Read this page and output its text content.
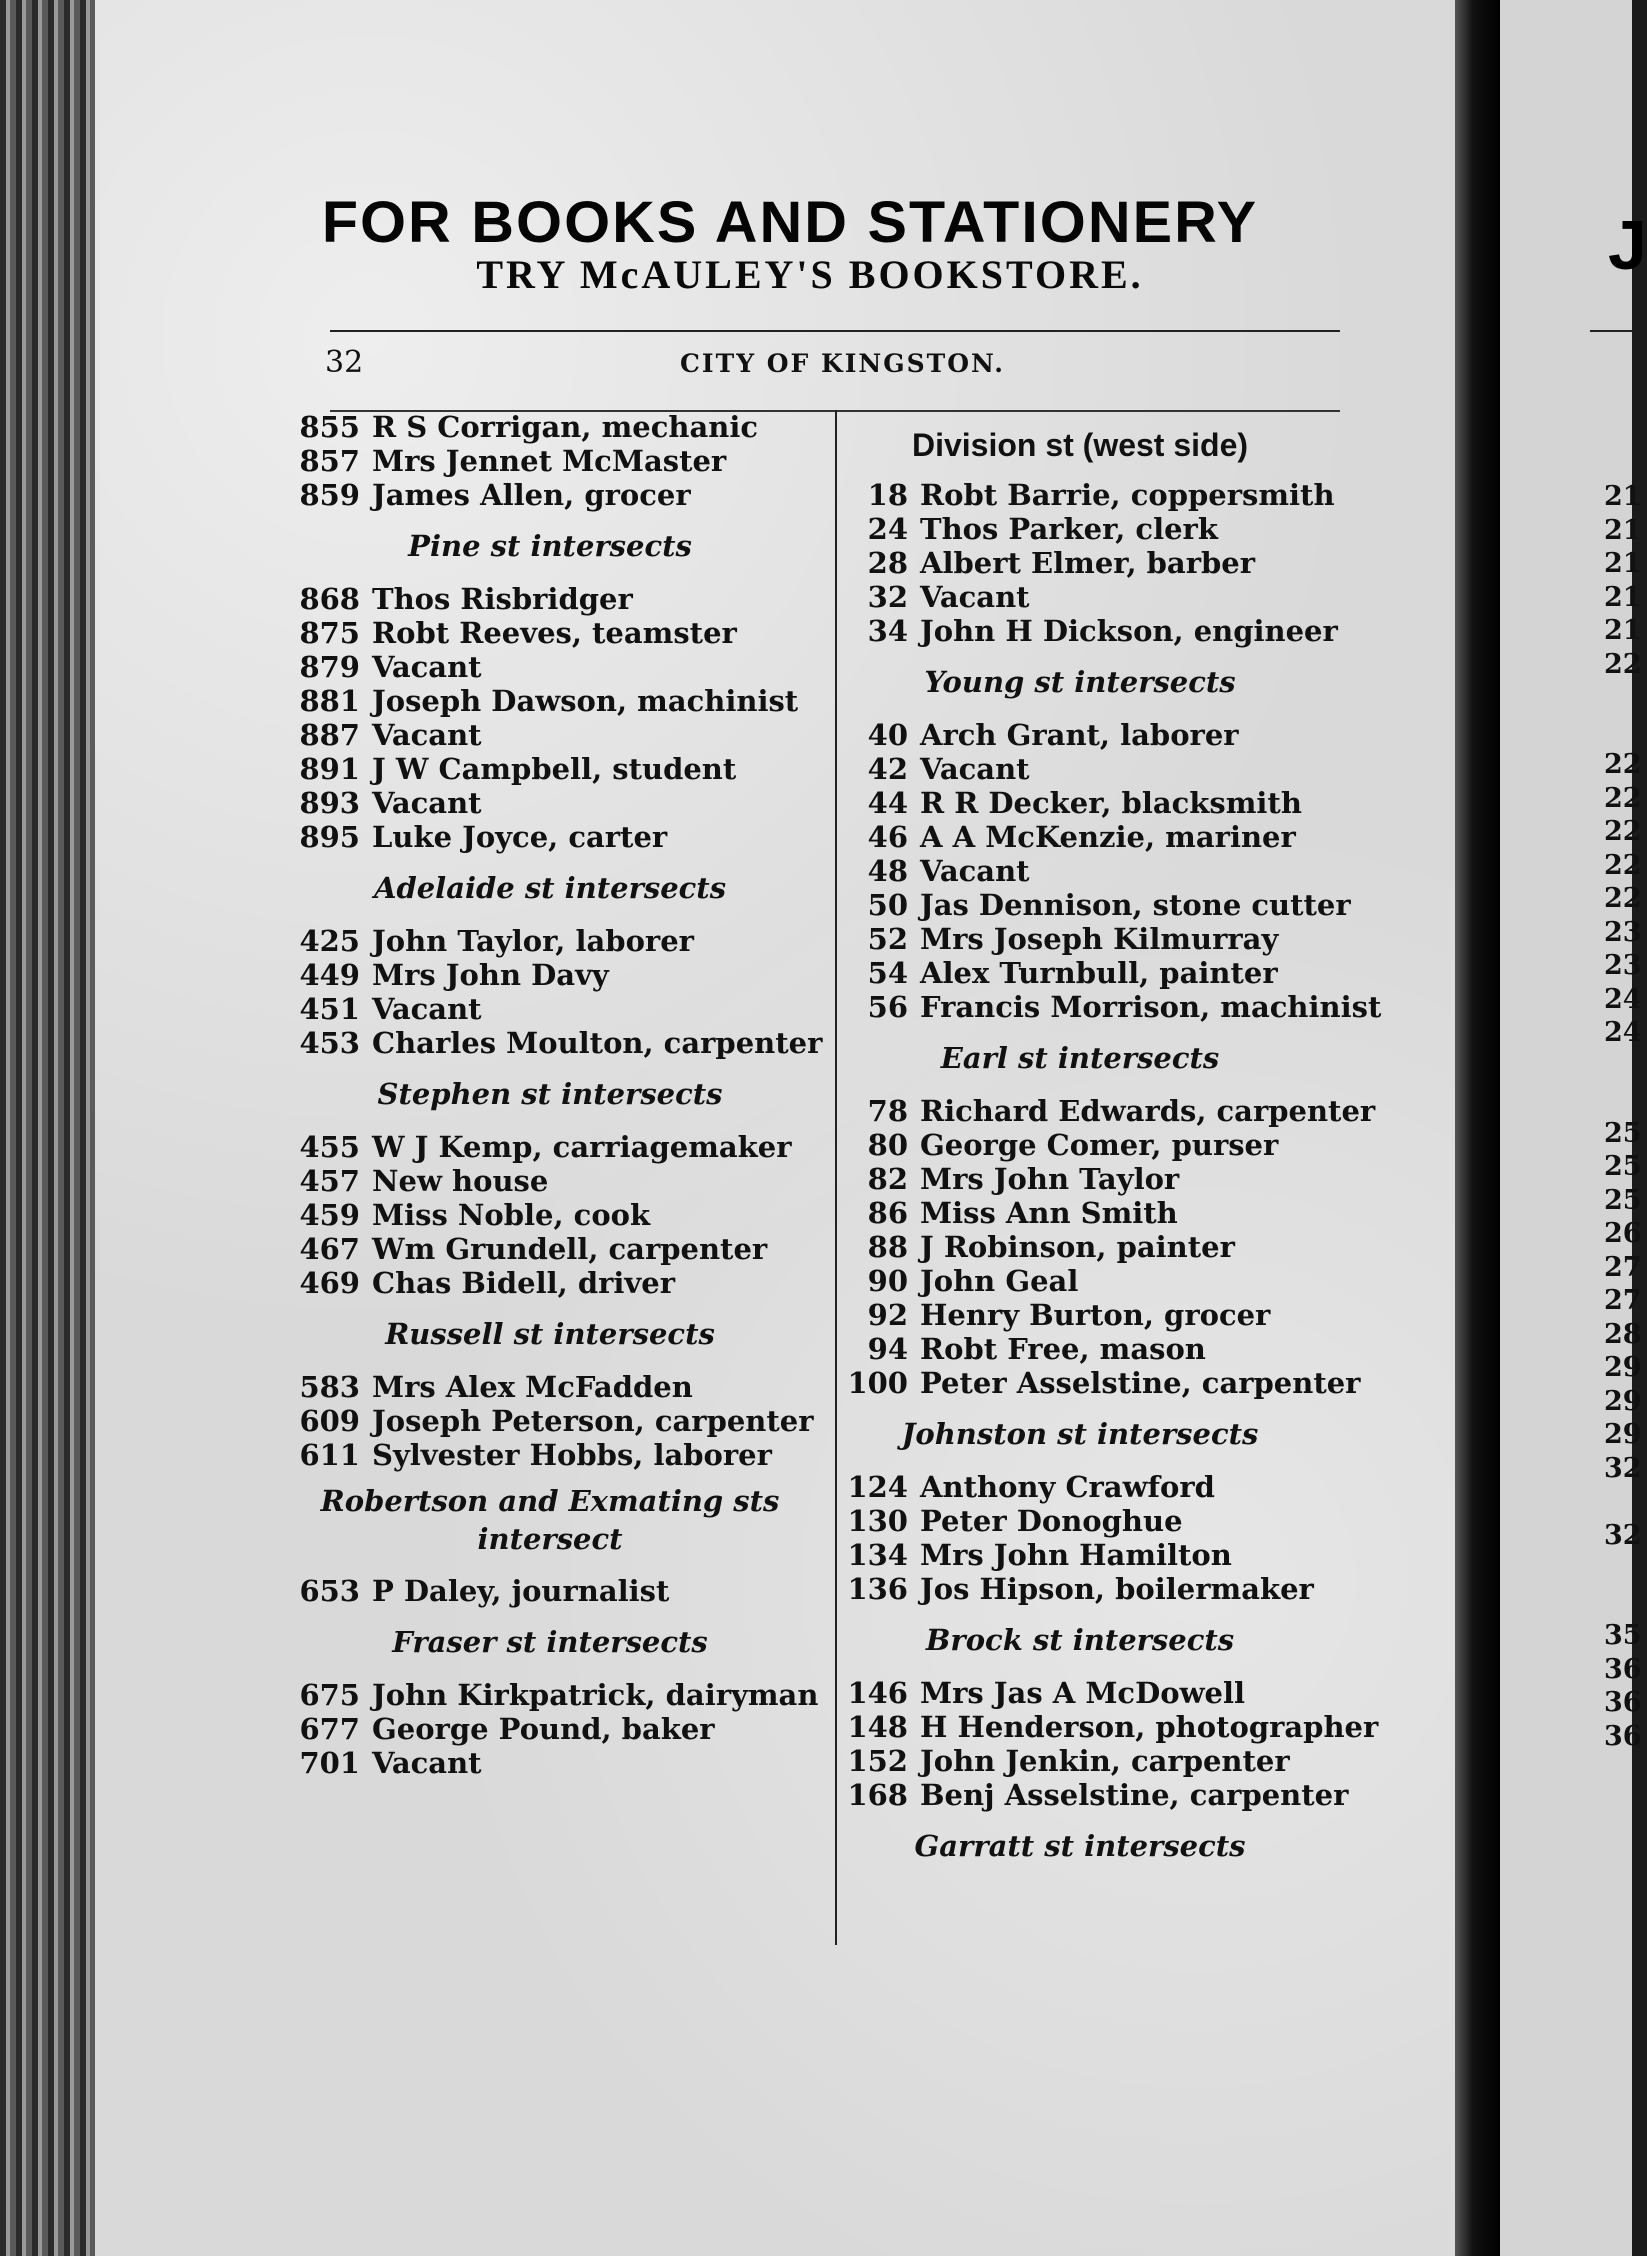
J
21
21
21
21
21
22
22
22
22
22
22
23
23
24
24
25
25
25
26
27
27
28
29
29
29
32
32
35
36
36
36
FOR BOOKS AND STATIONERY
TRY McAULEY'S BOOKSTORE.
32	CITY OF KINGSTON.
855 R S Corrigan, mechanic
857 Mrs Jennet McMaster
859 James Allen, grocer
Pine st intersects
868 Thos Risbridger
875 Robt Reeves, teamster
879 Vacant
881 Joseph Dawson, machinist
887 Vacant
891 J W Campbell, student
893 Vacant
895 Luke Joyce, carter
Adelaide st intersects
425 John Taylor, laborer
449 Mrs John Davy
451 Vacant
453 Charles Moulton, carpenter
Stephen st intersects
455 W J Kemp, carriagemaker
457 New house
459 Miss Noble, cook
467 Wm Grundell, carpenter
469 Chas Bidell, driver
Russell st intersects
583 Mrs Alex McFadden
609 Joseph Peterson, carpenter
611 Sylvester Hobbs, laborer
Robertson and Exmating sts intersect
653 P Daley, journalist
Fraser st intersects
675 John Kirkpatrick, dairyman
677 George Pound, baker
701 Vacant
Division st (west side)
18 Robt Barrie, coppersmith
24 Thos Parker, clerk
28 Albert Elmer, barber
32 Vacant
34 John H Dickson, engineer
Young st intersects
40 Arch Grant, laborer
42 Vacant
44 R R Decker, blacksmith
46 A A McKenzie, mariner
48 Vacant
50 Jas Dennison, stone cutter
52 Mrs Joseph Kilmurray
54 Alex Turnbull, painter
56 Francis Morrison, machinist
Earl st intersects
78 Richard Edwards, carpenter
80 George Comer, purser
82 Mrs John Taylor
86 Miss Ann Smith
88 J Robinson, painter
90 John Geal
92 Henry Burton, grocer
94 Robt Free, mason
100 Peter Asselstine, carpenter
Johnston st intersects
124 Anthony Crawford
130 Peter Donoghue
134 Mrs John Hamilton
136 Jos Hipson, boilermaker
Brock st intersects
146 Mrs Jas A McDowell
148 H Henderson, photographer
152 John Jenkin, carpenter
168 Benj Asselstine, carpenter
Garratt st intersects
